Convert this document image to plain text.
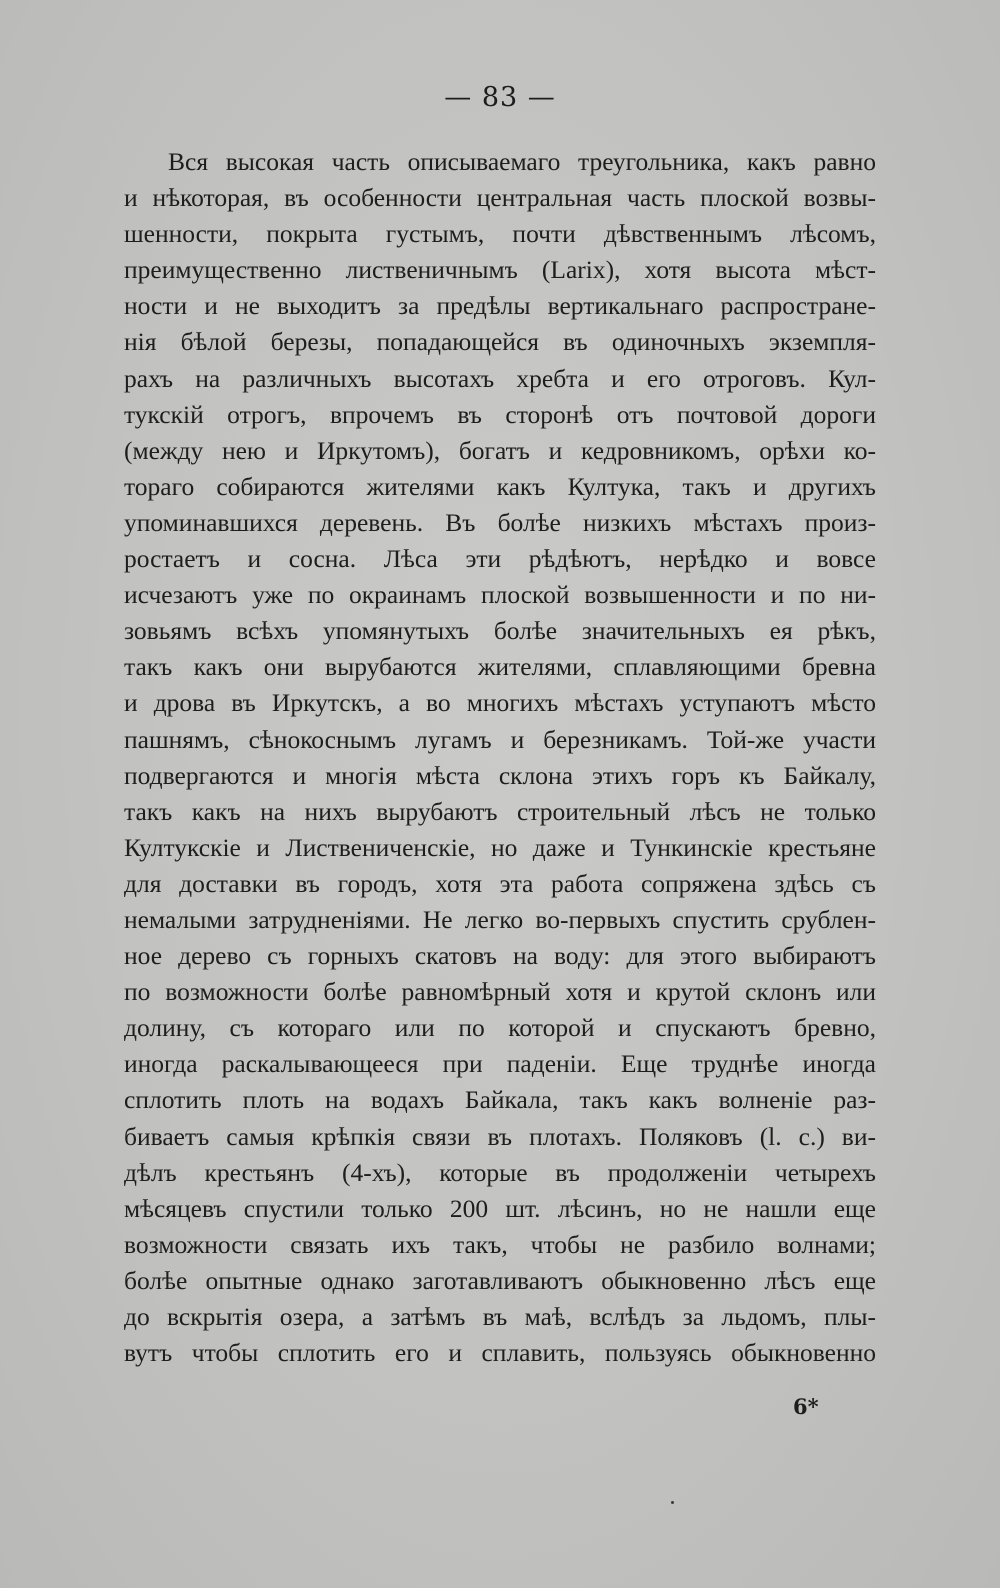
— 83 —
Вся высокая часть описываемаго треугольника, какъ равно
и нѣкоторая, въ особенности центральная часть плоской возвы-
шенности, покрыта густымъ, почти дѣвственнымъ лѣсомъ,
преимущественно лиственичнымъ (Larix), хотя высота мѣст-
ности и не выходитъ за предѣлы вертикальнаго распростране-
нія бѣлой березы, попадающейся въ одиночныхъ экземпля-
рахъ на различныхъ высотахъ хребта и его отроговъ. Кул-
тукскій отрогъ, впрочемъ въ сторонѣ отъ почтовой дороги
(между нею и Иркутомъ), богатъ и кедровникомъ, орѣхи ко-
тораго собираются жителями какъ Култука, такъ и другихъ
упоминавшихся деревень. Въ болѣе низкихъ мѣстахъ произ-
ростаетъ и сосна. Лѣса эти рѣдѣютъ, нерѣдко и вовсе
исчезаютъ уже по окраинамъ плоской возвышенности и по ни-
зовьямъ всѣхъ упомянутыхъ болѣе значительныхъ ея рѣкъ,
такъ какъ они вырубаются жителями, сплавляющими бревна
и дрова въ Иркутскъ, а во многихъ мѣстахъ уступаютъ мѣсто
пашнямъ, сѣнокоснымъ лугамъ и березникамъ. Той-же участи
подвергаются и многія мѣста склона этихъ горъ къ Байкалу,
такъ какъ на нихъ вырубаютъ строительный лѣсъ не только
Култукскіе и Лиственичeнскіе, но даже и Тункинскіе крестьяне
для доставки въ городъ, хотя эта работа сопряжена здѣсь съ
немалыми затрудненіями. Не легко во-первыхъ спустить срублен-
ное дерево съ горныхъ скатовъ на воду: для этого выбираютъ
по возможности болѣе равномѣрный хотя и крутой склонъ или
долину, съ котораго или по которой и спускаютъ бревно,
иногда раскалывающееся при паденіи. Еще труднѣе иногда
сплотить плоть на водахъ Байкала, такъ какъ волненіе раз-
биваетъ самыя крѣпкія связи въ плотахъ. Поляковъ (l. с.) ви-
дѣлъ крестьянъ (4-хъ), которые въ продолженіи четырехъ
мѣсяцевъ спустили только 200 шт. лѣсинъ, но не нашли еще
возможности связать ихъ такъ, чтобы не разбило волнами;
болѣе опытные однако заготавливаютъ обыкновенно лѣсъ еще
до вскрытія озера, а затѣмъ въ маѣ, вслѣдъ за льдомъ, плы-
вутъ чтобы сплотить его и сплавить, пользуясь обыкновенно
6*
